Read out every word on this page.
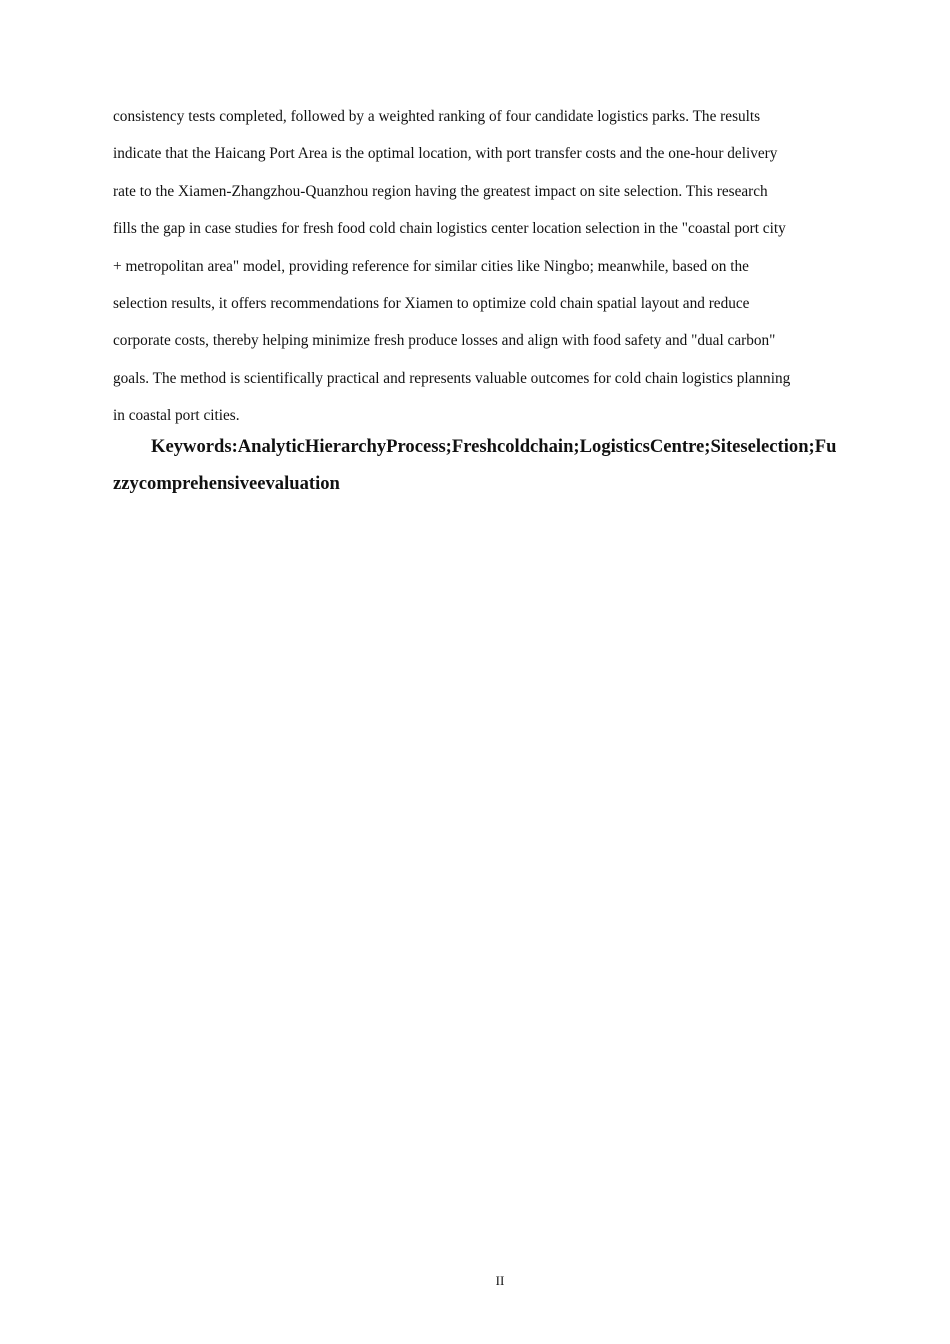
consistency tests completed, followed by a weighted ranking of four candidate logistics parks. The results
indicate that the Haicang Port Area is the optimal location, with port transfer costs and the one-hour delivery
rate to the Xiamen-Zhangzhou-Quanzhou region having the greatest impact on site selection. This research
fills the gap in case studies for fresh food cold chain logistics center location selection in the "coastal port city
+ metropolitan area" model, providing reference for similar cities like Ningbo; meanwhile, based on the
selection results, it offers recommendations for Xiamen to optimize cold chain spatial layout and reduce
corporate costs, thereby helping minimize fresh produce losses and align with food safety and "dual carbon"
goals. The method is scientifically practical and represents valuable outcomes for cold chain logistics planning
in coastal port cities.
Keywords:AnalyticHierarchyProcess;Freshcoldchain;LogisticsCentre;Siteselection;Fu
zzycomprehensiveevaluation
II
